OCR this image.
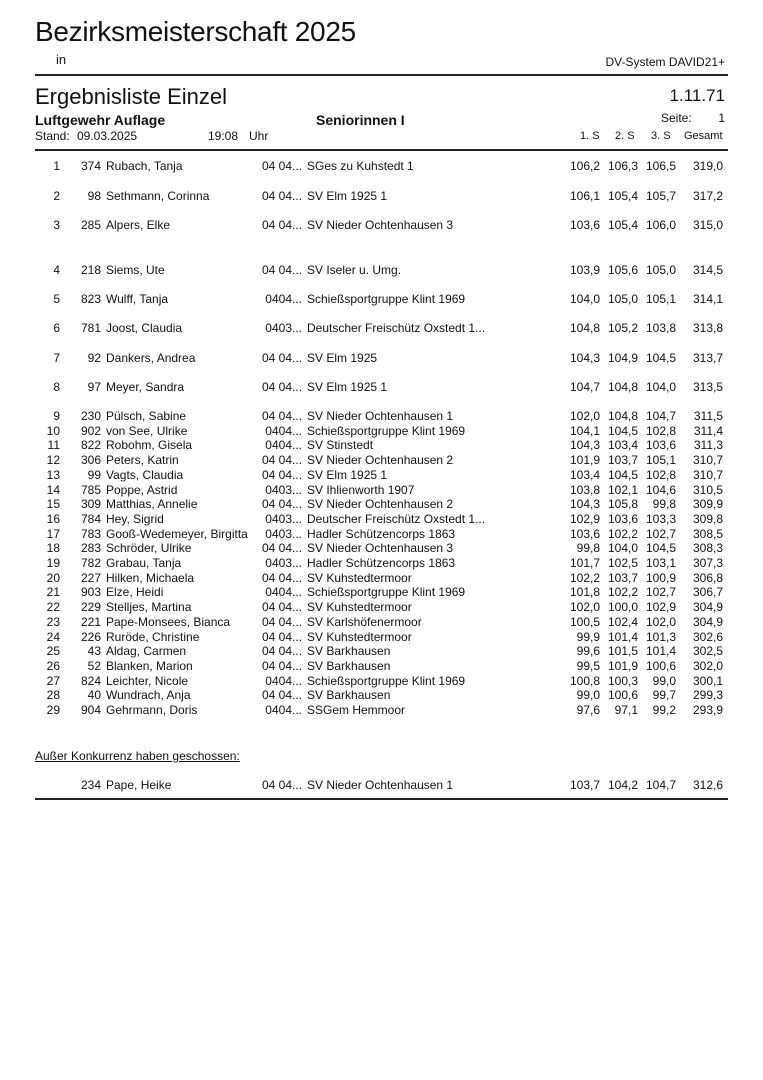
Bezirksmeisterschaft 2025
in	DV-System DAVID21+
Ergebnisliste Einzel	1.11.71
Luftgewehr Auflage	Seniorinnen I	Seite: 1
Stand: 09.03.2025	19:08 Uhr	1. S 2. S 3. S Gesamt
1	374 Rubach, Tanja	04 04... SGes zu Kuhstedt 1	106,2 106,3 106,5	319,0
2	98 Sethmann, Corinna	04 04... SV Elm 1925 1	106,1 105,4 105,7	317,2
3	285 Alpers, Elke	04 04... SV Nieder Ochtenhausen 3	103,6 105,4 106,0	315,0
4	218 Siems, Ute	04 04... SV Iseler u. Umg.	103,9 105,6 105,0	314,5
5	823 Wulff, Tanja	0404... Schießsportgruppe Klint 1969	104,0 105,0 105,1	314,1
6	781 Joost, Claudia	0403... Deutscher Freischütz Oxstedt 1...	104,8 105,2 103,8	313,8
7	92 Dankers, Andrea	04 04... SV Elm 1925	104,3 104,9 104,5	313,7
8	97 Meyer, Sandra	04 04... SV Elm 1925 1	104,7 104,8 104,0	313,5
9	230 Pülsch, Sabine	04 04... SV Nieder Ochtenhausen 1	102,0 104,8 104,7	311,5
10	902 von See, Ulrike	0404... Schießsportgruppe Klint 1969	104,1 104,5 102,8	311,4
11	822 Robohm, Gisela	0404... SV Stinstedt	104,3 103,4 103,6	311,3
12	306 Peters, Katrin	04 04... SV Nieder Ochtenhausen 2	101,9 103,7 105,1	310,7
13	99 Vagts, Claudia	04 04... SV Elm 1925 1	103,4 104,5 102,8	310,7
14	785 Poppe, Astrid	0403... SV Ihlienworth 1907	103,8 102,1 104,6	310,5
15	309 Matthias, Annelie	04 04... SV Nieder Ochtenhausen 2	104,3 105,8	99,8	309,9
16	784 Hey, Sigrid	0403... Deutscher Freischütz Oxstedt 1...	102,9 103,6 103,3	309,8
17	783 Gooß-Wedemeyer, Birgitta 0403... Hadler Schützencorps 1863	103,6 102,2 102,7	308,5
18	283 Schröder, Ulrike	04 04... SV Nieder Ochtenhausen 3	99,8 104,0 104,5	308,3
19	782 Grabau, Tanja	0403... Hadler Schützencorps 1863	101,7 102,5 103,1	307,3
20	227 Hilken, Michaela	04 04... SV Kuhstedtermoor	102,2 103,7 100,9	306,8
21	903 Elze, Heidi	0404... Schießsportgruppe Klint 1969	101,8 102,2 102,7	306,7
22	229 Stelljes, Martina	04 04... SV Kuhstedtermoor	102,0 100,0 102,9	304,9
23	221 Pape-Monsees, Bianca	04 04... SV Karlshöfenermoor	100,5 102,4 102,0	304,9
24	226 Ruröde, Christine	04 04... SV Kuhstedtermoor	99,9 101,4 101,3	302,6
25	43 Aldag, Carmen	04 04... SV Barkhausen	99,6 101,5 101,4	302,5
26	52 Blanken, Marion	04 04... SV Barkhausen	99,5 101,9 100,6	302,0
27	824 Leichter, Nicole	0404... Schießsportgruppe Klint 1969	100,8 100,3	99,0	300,1
28	40 Wundrach, Anja	04 04... SV Barkhausen	99,0 100,6	99,7	299,3
29	904 Gehrmann, Doris	0404... SSGem Hemmoor	97,6	97,1	99,2	293,9
Außer Konkurrenz haben geschossen:
234 Pape, Heike	04 04... SV Nieder Ochtenhausen 1	103,7 104,2 104,7	312,6
